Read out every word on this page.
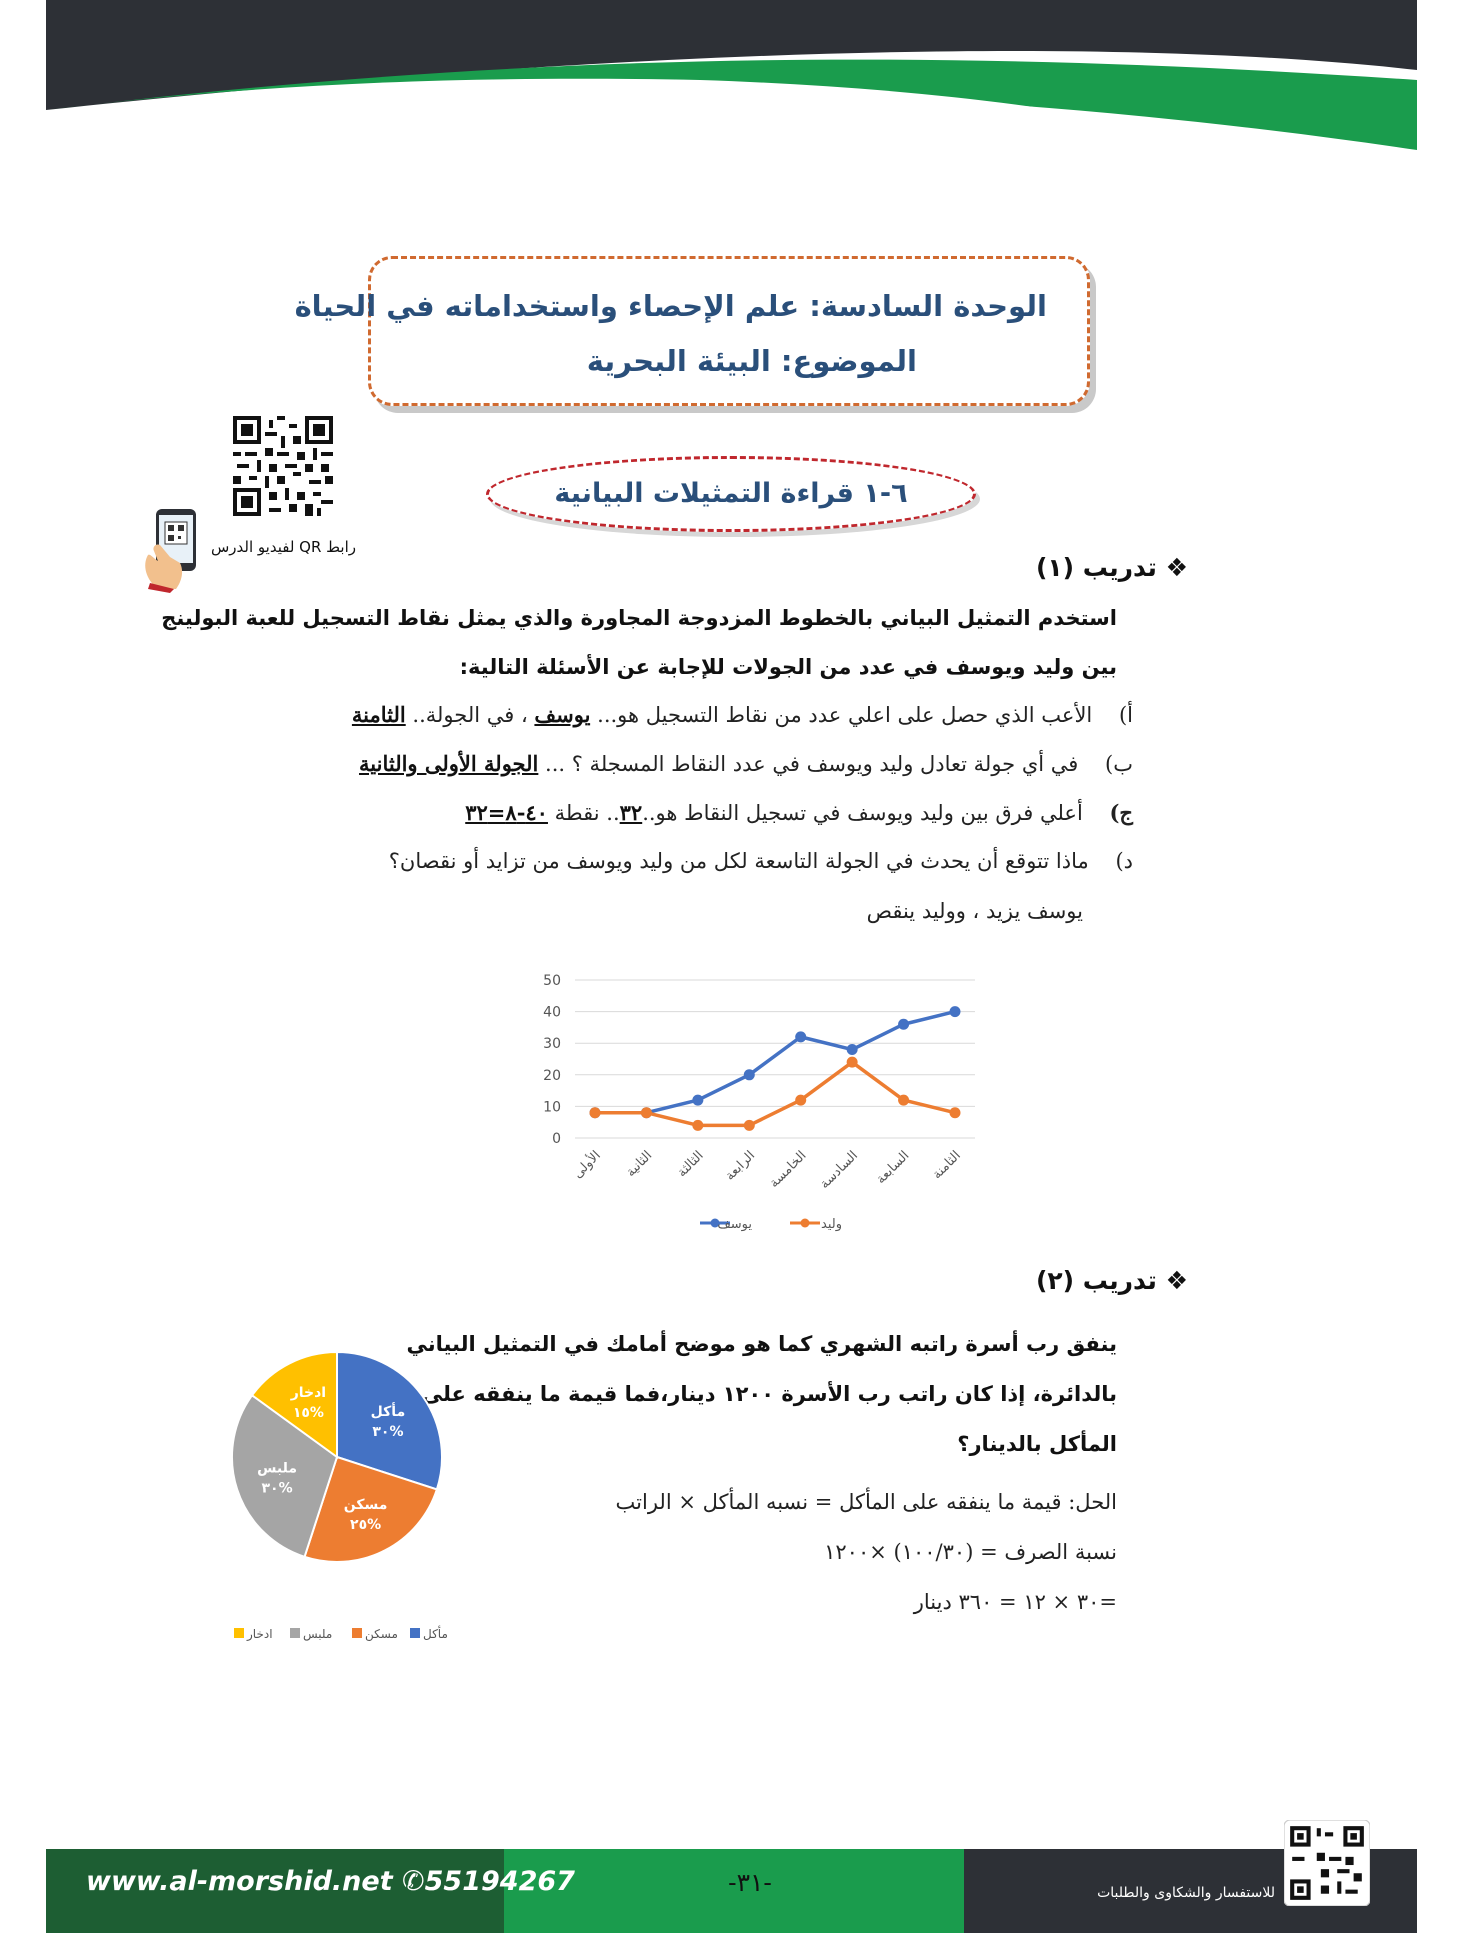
الوحدة السادسة: علم الإحصاء واستخداماته في الحياة
الموضوع: البيئة البحرية
رابط QR لفيديو الدرس
٦-١ قراءة التمثيلات البيانية
❖ تدريب (١)
استخدم التمثيل البياني بالخطوط المزدوجة المجاورة والذي يمثل نقاط التسجيل للعبة البولينج
بين وليد ويوسف في عدد من الجولات للإجابة عن الأسئلة التالية:
أ)    الأعب الذي حصل على اعلي عدد من نقاط التسجيل هو... يوسف ، في الجولة.. الثامنة
ب)    في أي جولة تعادل وليد ويوسف في عدد النقاط المسجلة ؟ ... الجولة الأولى والثانية
ج)    أعلي فرق بين وليد ويوسف في تسجيل النقاط هو..٣٢.. نقطة ٤٠-٨=٣٢
د)    ماذا تتوقع أن يحدث في الجولة التاسعة لكل من وليد ويوسف من تزايد أو نقصان؟
يوسف يزيد ، ووليد ينقص
0
10
20
30
40
50
الأولى الثانية الثالثة الرابعة الخامسة السادسة السابعة الثامنة
يوسف	وليد
❖ تدريب (٢)
ينفق رب أسرة راتبه الشهري كما هو موضح أمامك في التمثيل البياني
بالدائرة، إذا كان راتب رب الأسرة ١٢٠٠ دينار،فما قيمة ما ينفقه على
المأكل بالدينار؟
الحل: قيمة ما ينفقه على المأكل = نسبه المأكل × الراتب
نسبة الصرف = (١٠٠/٣٠) ×١٢٠٠
=٣٠ × ١٢ = ٣٦٠ دينار
مأكل
٣٠%
مسكن
٢٥%
ملبس
٣٠%
ادخار
١٥%
مأكل
مسكن
ملبس
ادخار
www.al-morshid.net ✆55194267	-٣١-	للاستفسار والشكاوى والطلبات
